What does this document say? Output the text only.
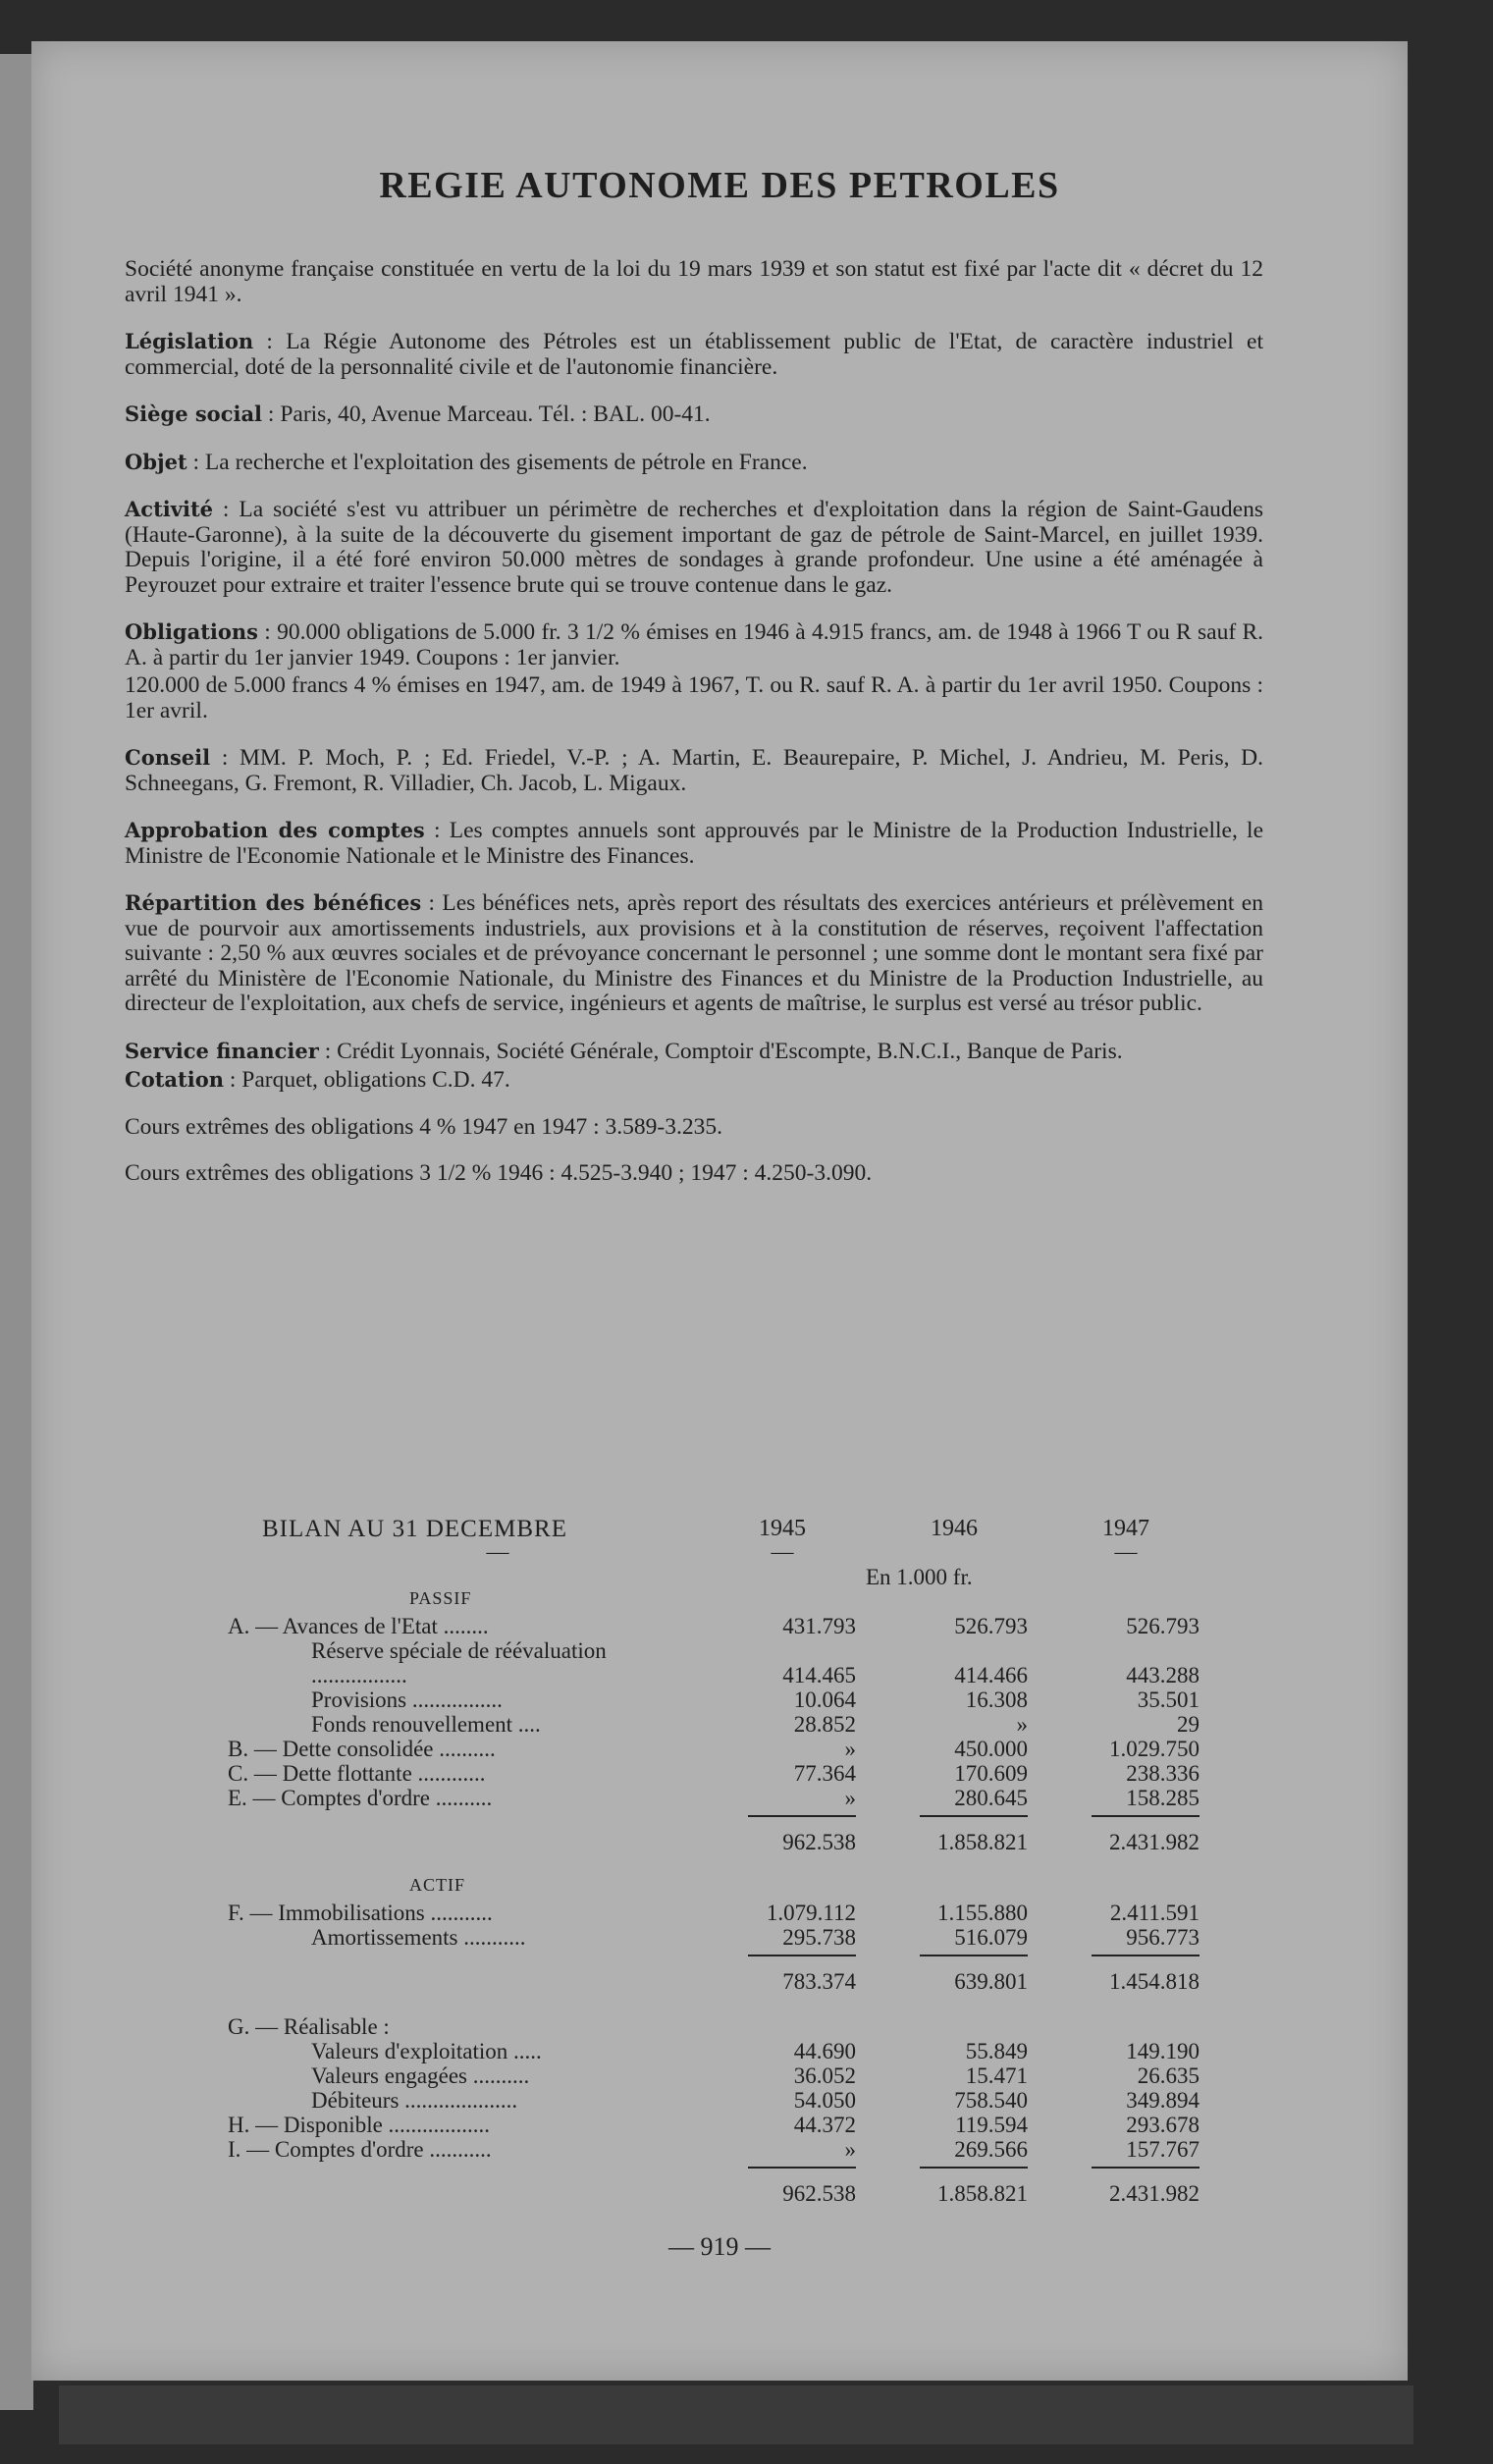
REGIE AUTONOME DES PETROLES

Société anonyme française constituée en vertu de la loi du 19 mars 1939 et son statut est fixé par l'acte dit « décret du 12 avril 1941 ».

Législation : La Régie Autonome des Pétroles est un établissement public de l'Etat, de caractère industriel et commercial, doté de la personnalité civile et de l'autonomie financière.

Siège social : Paris, 40, Avenue Marceau. Tél. : BAL. 00-41.

Objet : La recherche et l'exploitation des gisements de pétrole en France.

Activité : La société s'est vu attribuer un périmètre de recherches et d'exploitation dans la région de Saint-Gaudens (Haute-Garonne), à la suite de la découverte du gisement important de gaz de pétrole de Saint-Marcel, en juillet 1939. Depuis l'origine, il a été foré environ 50.000 mètres de sondages à grande profondeur. Une usine a été aménagée à Peyrouzet pour extraire et traiter l'essence brute qui se trouve contenue dans le gaz.

Obligations : 90.000 obligations de 5.000 fr. 3 1/2 % émises en 1946 à 4.915 francs, am. de 1948 à 1966 T ou R sauf R. A. à partir du 1er janvier 1949. Coupons : 1er janvier.

120.000 de 5.000 francs 4 % émises en 1947, am. de 1949 à 1967, T. ou R. sauf R. A. à partir du 1er avril 1950. Coupons : 1er avril.

Conseil : MM. P. Moch, P. ; Ed. Friedel, V.-P. ; A. Martin, E. Beaurepaire, P. Michel, J. Andrieu, M. Peris, D. Schneegans, G. Fremont, R. Villadier, Ch. Jacob, L. Migaux.

Approbation des comptes : Les comptes annuels sont approuvés par le Ministre de la Production Industrielle, le Ministre de l'Economie Nationale et le Ministre des Finances.

Répartition des bénéfices : Les bénéfices nets, après report des résultats des exercices antérieurs et prélèvement en vue de pourvoir aux amortissements industriels, aux provisions et à la constitution de réserves, reçoivent l'affectation suivante : 2,50 % aux œuvres sociales et de prévoyance concernant le personnel ; une somme dont le montant sera fixé par arrêté du Ministère de l'Economie Nationale, du Ministre des Finances et du Ministre de la Production Industrielle, au directeur de l'exploitation, aux chefs de service, ingénieurs et agents de maîtrise, le surplus est versé au trésor public.

Service financier : Crédit Lyonnais, Société Générale, Comptoir d'Escompte, B.N.C.I., Banque de Paris.

Cotation : Parquet, obligations C.D. 47.

Cours extrêmes des obligations 4 % 1947 en 1947 : 3.589-3.235.

Cours extrêmes des obligations 3 1/2 % 1946 : 4.525-3.940 ; 1947 : 4.250-3.090.

BILAN AU 31 DECEMBRE	1945	1946	1947
—	—	—
En 1.000 fr.
PASSIF
A. — Avances de l'Etat ........	431.793	526.793	526.793
Réserve spéciale de réévaluation .................	414.465	414.466	443.288
Provisions ................	10.064	16.308	35.501
Fonds renouvellement ....	28.852	»	29
B. — Dette consolidée ..........	»	450.000	1.029.750
C. — Dette flottante ............	77.364	170.609	238.336
E. — Comptes d'ordre ..........	»	280.645	158.285
962.538	1.858.821	2.431.982
ACTIF
F. — Immobilisations ...........	1.079.112	1.155.880	2.411.591
Amortissements ...........	295.738	516.079	956.773
783.374	639.801	1.454.818
G. — Réalisable :
Valeurs d'exploitation .....	44.690	55.849	149.190
Valeurs engagées ..........	36.052	15.471	26.635
Débiteurs ....................	54.050	758.540	349.894
H. — Disponible ..................	44.372	119.594	293.678
I. — Comptes d'ordre ...........	»	269.566	157.767
962.538	1.858.821	2.431.982
— 919 —
